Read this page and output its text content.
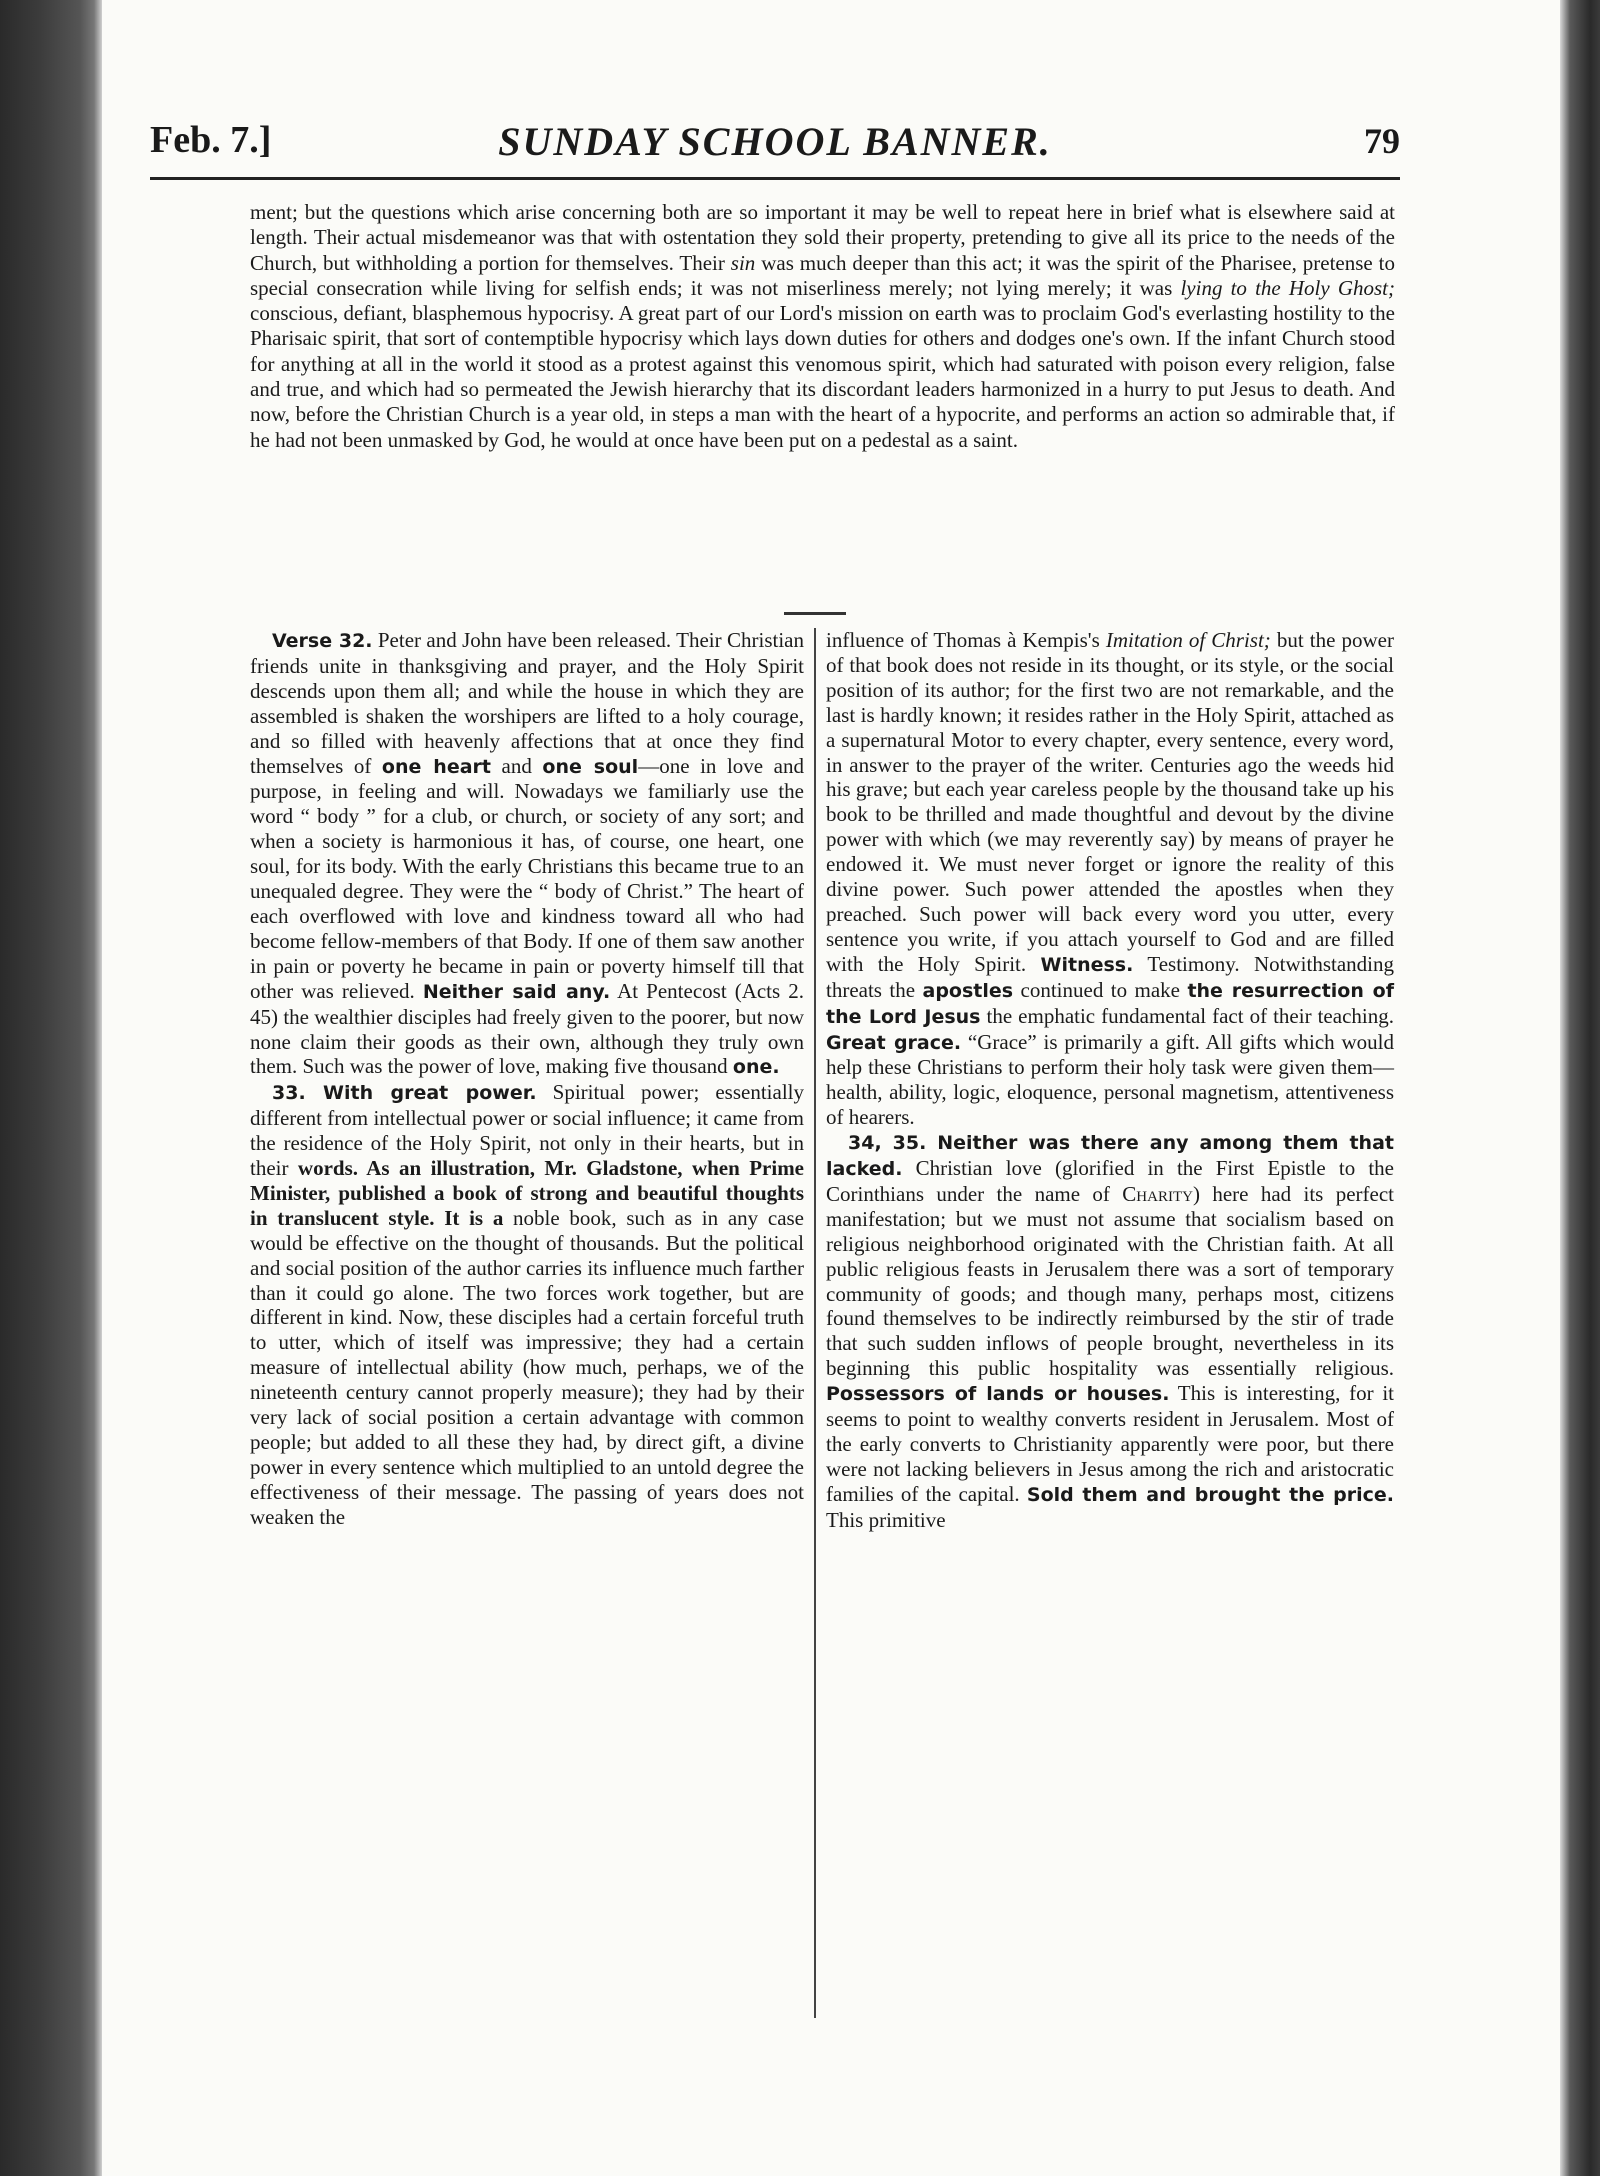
Feb. 7.]	SUNDAY SCHOOL BANNER.	79

ment; but the questions which arise concerning both are so important it may be well to repeat here in brief what is elsewhere said at length. Their actual misdemeanor was that with ostentation they sold their property, pretending to give all its price to the needs of the Church, but withholding a portion for themselves. Their sin was much deeper than this act; it was the spirit of the Pharisee, pretense to special consecration while living for selfish ends; it was not miserliness merely; not lying merely; it was lying to the Holy Ghost; conscious, defiant, blasphemous hypocrisy. A great part of our Lord's mission on earth was to proclaim God's everlasting hostility to the Pharisaic spirit, that sort of contemptible hypocrisy which lays down duties for others and dodges one's own. If the infant Church stood for anything at all in the world it stood as a protest against this venomous spirit, which had saturated with poison every religion, false and true, and which had so permeated the Jewish hierarchy that its discordant leaders harmonized in a hurry to put Jesus to death. And now, before the Christian Church is a year old, in steps a man with the heart of a hypocrite, and performs an action so admirable that, if he had not been unmasked by God, he would at once have been put on a pedestal as a saint.

Verse 32. Peter and John have been released. Their Christian friends unite in thanksgiving and prayer, and the Holy Spirit descends upon them all; and while the house in which they are assembled is shaken the worshipers are lifted to a holy courage, and so filled with heavenly affections that at once they find themselves of one heart and one soul—one in love and purpose, in feeling and will. Nowadays we familiarly use the word “ body ” for a club, or church, or society of any sort; and when a society is harmonious it has, of course, one heart, one soul, for its body. With the early Christians this became true to an unequaled degree. They were the “ body of Christ.” The heart of each overflowed with love and kindness toward all who had become fellow-members of that Body. If one of them saw another in pain or poverty he became in pain or poverty himself till that other was relieved. Neither said any. At Pentecost (Acts 2. 45) the wealthier disciples had freely given to the poorer, but now none claim their goods as their own, although they truly own them. Such was the power of love, making five thousand one.

33. With great power. Spiritual power; essentially different from intellectual power or social influence; it came from the residence of the Holy Spirit, not only in their hearts, but in their words. As an illustration, Mr. Gladstone, when Prime Minister, published a book of strong and beautiful thoughts in translucent style. It is a noble book, such as in any case would be effective on the thought of thousands. But the political and social position of the author carries its influence much farther than it could go alone. The two forces work together, but are different in kind. Now, these disciples had a certain forceful truth to utter, which of itself was impressive; they had a certain measure of intellectual ability (how much, perhaps, we of the nineteenth century cannot properly measure); they had by their very lack of social position a certain advantage with common people; but added to all these they had, by direct gift, a divine power in every sentence which multiplied to an untold degree the effectiveness of their message. The passing of years does not weaken the

influence of Thomas à Kempis's Imitation of Christ; but the power of that book does not reside in its thought, or its style, or the social position of its author; for the first two are not remarkable, and the last is hardly known; it resides rather in the Holy Spirit, attached as a supernatural Motor to every chapter, every sentence, every word, in answer to the prayer of the writer. Centuries ago the weeds hid his grave; but each year careless people by the thousand take up his book to be thrilled and made thoughtful and devout by the divine power with which (we may reverently say) by means of prayer he endowed it. We must never forget or ignore the reality of this divine power. Such power attended the apostles when they preached. Such power will back every word you utter, every sentence you write, if you attach yourself to God and are filled with the Holy Spirit. Witness. Testimony. Notwithstanding threats the apostles continued to make the resurrection of the Lord Jesus the emphatic fundamental fact of their teaching. Great grace. “Grace” is primarily a gift. All gifts which would help these Christians to perform their holy task were given them—health, ability, logic, eloquence, personal magnetism, attentiveness of hearers.

34, 35. Neither was there any among them that lacked. Christian love (glorified in the First Epistle to the Corinthians under the name of Charity) here had its perfect manifestation; but we must not assume that socialism based on religious neighborhood originated with the Christian faith. At all public religious feasts in Jerusalem there was a sort of temporary community of goods; and though many, perhaps most, citizens found themselves to be indirectly reimbursed by the stir of trade that such sudden inflows of people brought, nevertheless in its beginning this public hospitality was essentially religious. Possessors of lands or houses. This is interesting, for it seems to point to wealthy converts resident in Jerusalem. Most of the early converts to Christianity apparently were poor, but there were not lacking believers in Jesus among the rich and aristocratic families of the capital. Sold them and brought the price. This primitive
